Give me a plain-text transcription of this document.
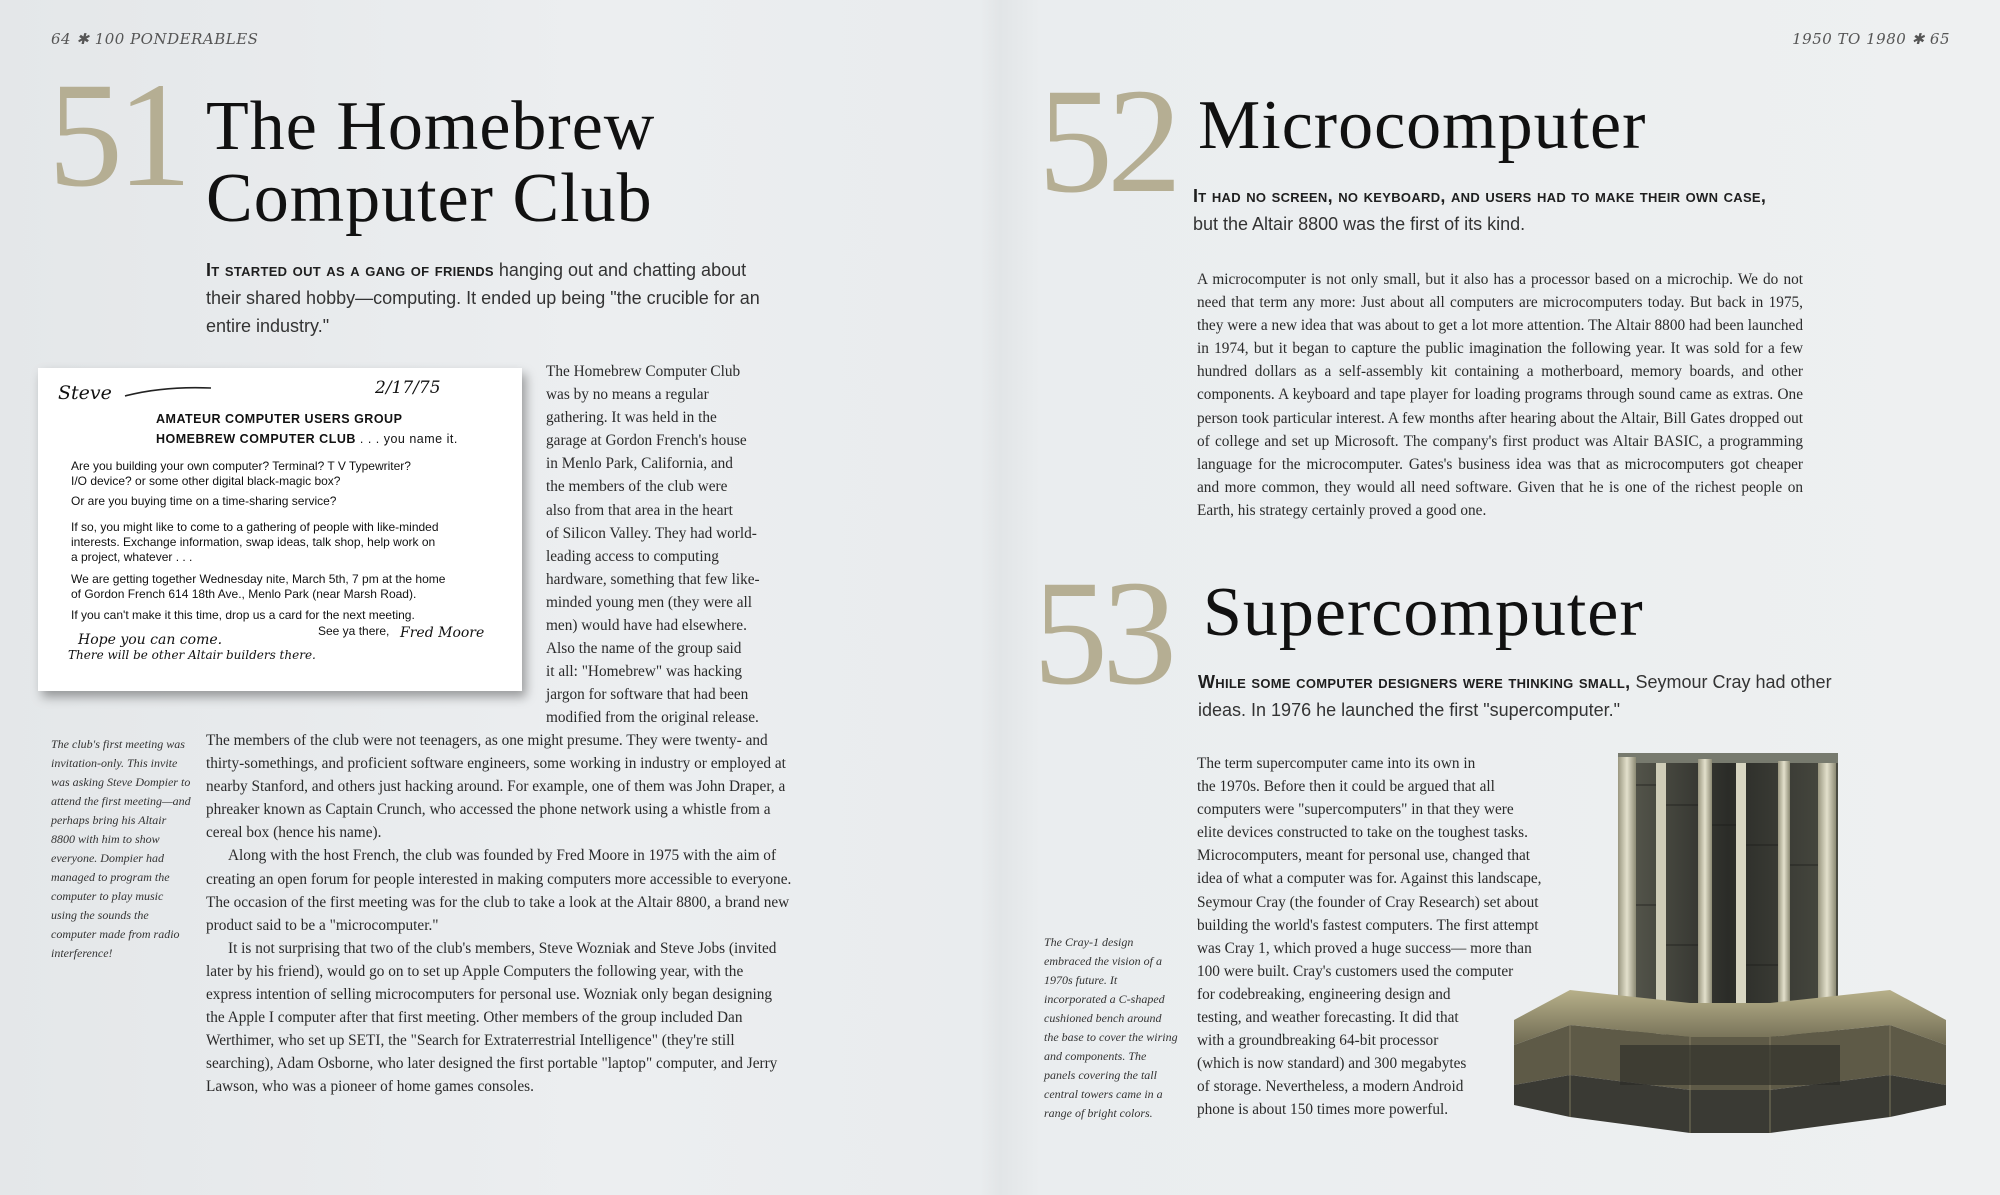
64 ✱ 100 PONDERABLES	1950 TO 1980 ✱ 65
51 The Homebrew
Computer Club
It started out as a gang of friends hanging out and chatting about their shared hobby—computing. It ended up being "the crucible for an entire industry."
Steve	2/17/75
AMATEUR COMPUTER USERS GROUP
HOMEBREW COMPUTER CLUB . . . you name it.
Are you building your own computer? Terminal? T V Typewriter?
I/O device? or some other digital black-magic box?
Or are you buying time on a time-sharing service?
If so, you might like to come to a gathering of people with like-minded
interests. Exchange information, swap ideas, talk shop, help work on
a project, whatever . . .
We are getting together Wednesday nite, March 5th, 7 pm at the home
of Gordon French 614 18th Ave., Menlo Park (near Marsh Road).
If you can't make it this time, drop us a card for the next meeting.
See ya there,
Hope you can come.
There will be other Altair builders there.
Fred Moore
The club's first meeting was invitation-only. This invite was asking Steve Dompier to attend the first meeting—and perhaps bring his Altair 8800 with him to show everyone. Dompier had managed to program the computer to play music using the sounds the computer made from radio interference!
The Homebrew Computer Club
was by no means a regular
gathering. It was held in the
garage at Gordon French's house
in Menlo Park, California, and
the members of the club were
also from that area in the heart
of Silicon Valley. They had world-
leading access to computing
hardware, something that few like-
minded young men (they were all
men) would have had elsewhere.
Also the name of the group said
it all: "Homebrew" was hacking
jargon for software that had been
modified from the original release.

The members of the club were not teenagers, as one might presume. They were twenty- and thirty-somethings, and proficient software engineers, some working in industry or employed at nearby Stanford, and others just hacking around. For example, one of them was John Draper, a phreaker known as Captain Crunch, who accessed the phone network using a whistle from a cereal box (hence his name).

Along with the host French, the club was founded by Fred Moore in 1975 with the aim of creating an open forum for people interested in making computers more accessible to everyone. The occasion of the first meeting was for the club to take a look at the Altair 8800, a brand new product said to be a "microcomputer."

It is not surprising that two of the club's members, Steve Wozniak and Steve Jobs (invited later by his friend), would go on to set up Apple Computers the following year, with the express intention of selling microcomputers for personal use. Wozniak only began designing the Apple I computer after that first meeting. Other members of the group included Dan Werthimer, who set up SETI, the "Search for Extraterrestrial Intelligence" (they're still searching), Adam Osborne, who later designed the first portable "laptop" computer, and Jerry Lawson, who was a pioneer of home games consoles.

52 Microcomputer
It had no screen, no keyboard, and users had to make their own case,
but the Altair 8800 was the first of its kind.
A microcomputer is not only small, but it also has a processor based on a microchip. We do not need that term any more: Just about all computers are microcomputers today. But back in 1975, they were a new idea that was about to get a lot more attention. The Altair 8800 had been launched in 1974, but it began to capture the public imagination the following year. It was sold for a few hundred dollars as a self-assembly kit containing a motherboard, memory boards, and other components. A keyboard and tape player for loading programs through sound came as extras. One person took particular interest. A few months after hearing about the Altair, Bill Gates dropped out of college and set up Microsoft. The company's first product was Altair BASIC, a programming language for the microcomputer. Gates's business idea was that as microcomputers got cheaper and more common, they would all need software. Given that he is one of the richest people on Earth, his strategy certainly proved a good one.
53 Supercomputer
While some computer designers were thinking small, Seymour Cray had other ideas. In 1976 he launched the first "supercomputer."
The Cray-1 design embraced the vision of a 1970s future. It incorporated a C-shaped cushioned bench around the base to cover the wiring and components. The panels covering the tall central towers came in a range of bright colors.
The term supercomputer came into its own in
the 1970s. Before then it could be argued that all
computers were "supercomputers" in that they were
elite devices constructed to take on the toughest tasks.
Microcomputers, meant for personal use, changed that
idea of what a computer was for. Against this landscape,
Seymour Cray (the founder of Cray Research) set about
building the world's fastest computers. The first attempt
was Cray 1, which proved a huge success— more than
100 were built. Cray's customers used the computer
for codebreaking, engineering design and
testing, and weather forecasting. It did that
with a groundbreaking 64-bit processor
(which is now standard) and 300 megabytes
of storage. Nevertheless, a modern Android
phone is about 150 times more powerful.
